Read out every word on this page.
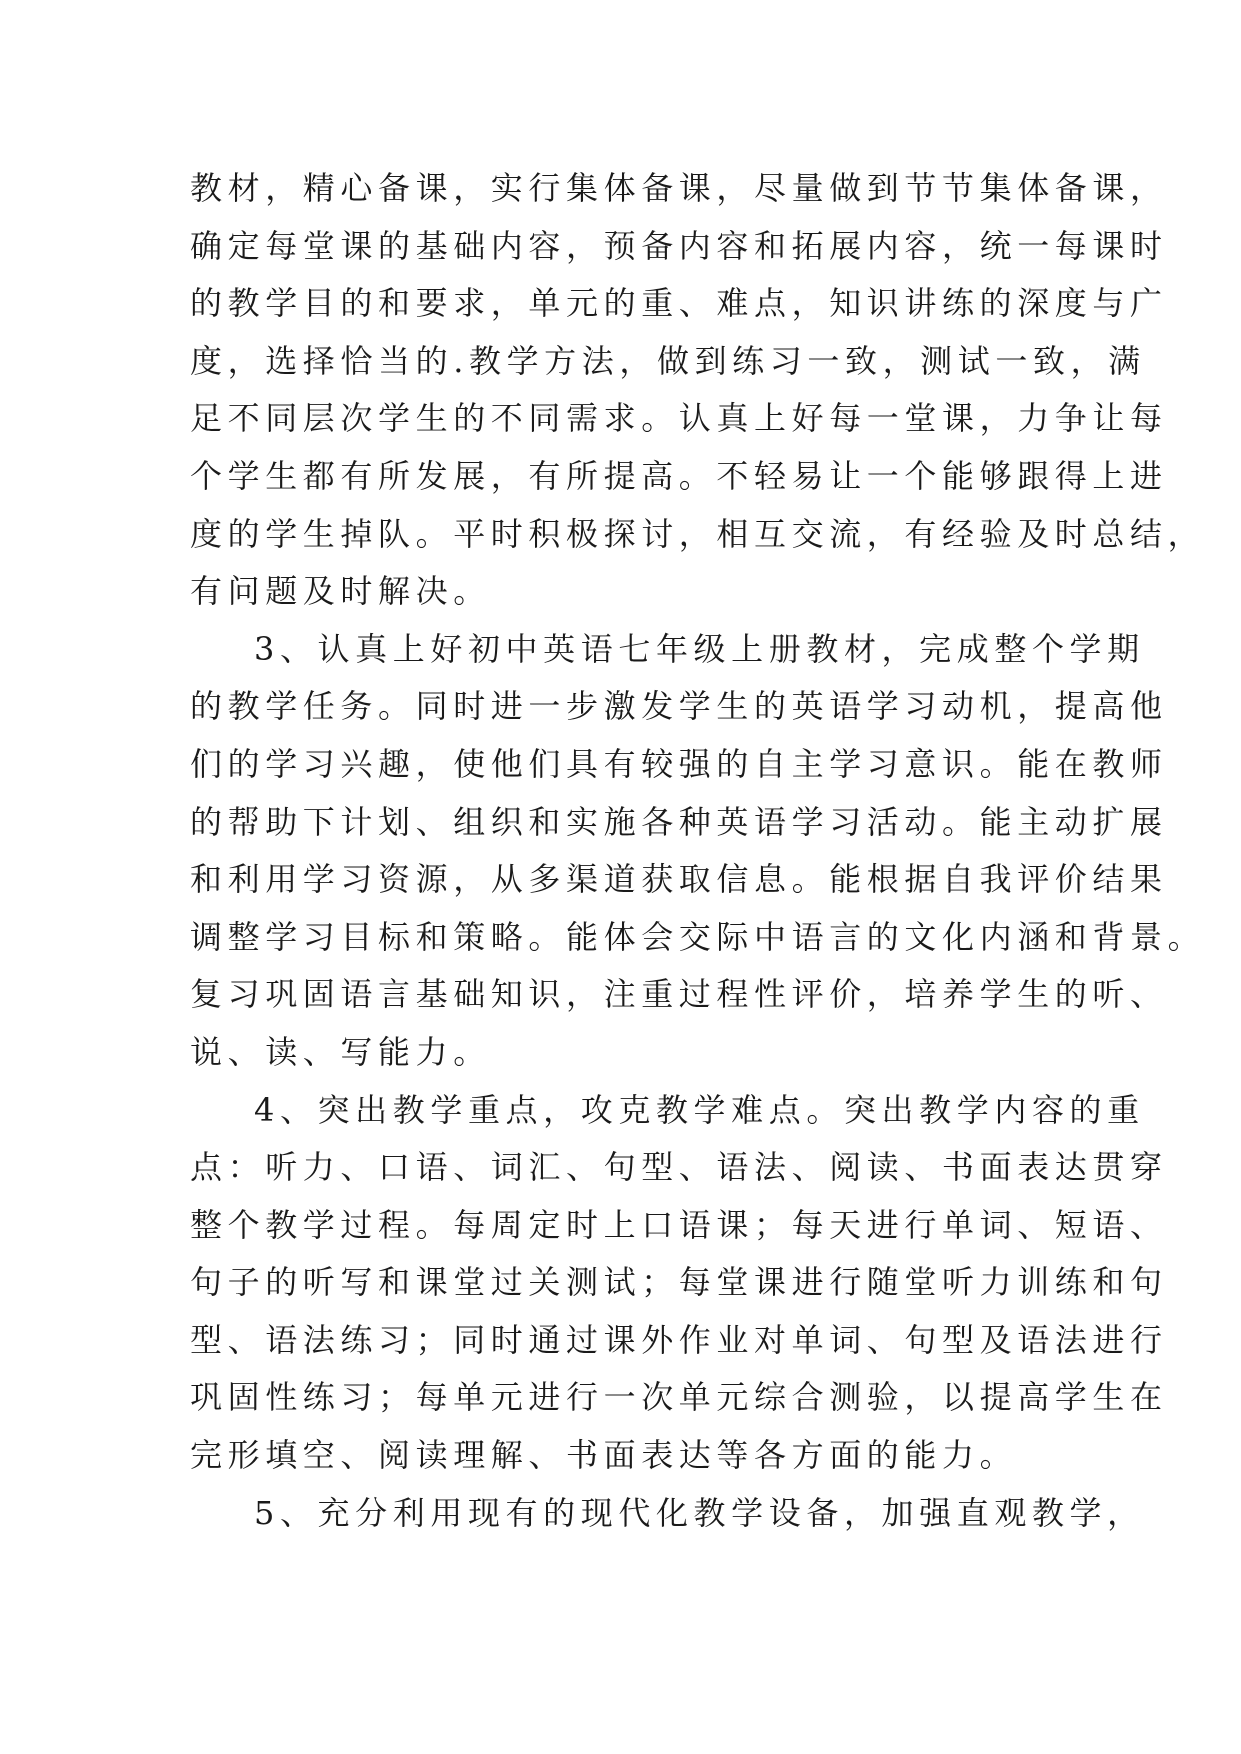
教材，精心备课，实行集体备课，尽量做到节节集体备课，
确定每堂课的基础内容，预备内容和拓展内容，统一每课时
的教学目的和要求，单元的重、难点，知识讲练的深度与广
度，选择恰当的.教学方法，做到练习一致，测试一致，满
足不同层次学生的不同需求。认真上好每一堂课，力争让每
个学生都有所发展，有所提高。不轻易让一个能够跟得上进
度的学生掉队。平时积极探讨，相互交流，有经验及时总结，
有问题及时解决。
3、认真上好初中英语七年级上册教材，完成整个学期
的教学任务。同时进一步激发学生的英语学习动机，提高他
们的学习兴趣，使他们具有较强的自主学习意识。能在教师
的帮助下计划、组织和实施各种英语学习活动。能主动扩展
和利用学习资源，从多渠道获取信息。能根据自我评价结果
调整学习目标和策略。能体会交际中语言的文化内涵和背景。
复习巩固语言基础知识，注重过程性评价，培养学生的听、
说、读、写能力。
4、突出教学重点，攻克教学难点。突出教学内容的重
点：听力、口语、词汇、句型、语法、阅读、书面表达贯穿
整个教学过程。每周定时上口语课；每天进行单词、短语、
句子的听写和课堂过关测试；每堂课进行随堂听力训练和句
型、语法练习；同时通过课外作业对单词、句型及语法进行
巩固性练习；每单元进行一次单元综合测验，以提高学生在
完形填空、阅读理解、书面表达等各方面的能力。
5、充分利用现有的现代化教学设备，加强直观教学，
